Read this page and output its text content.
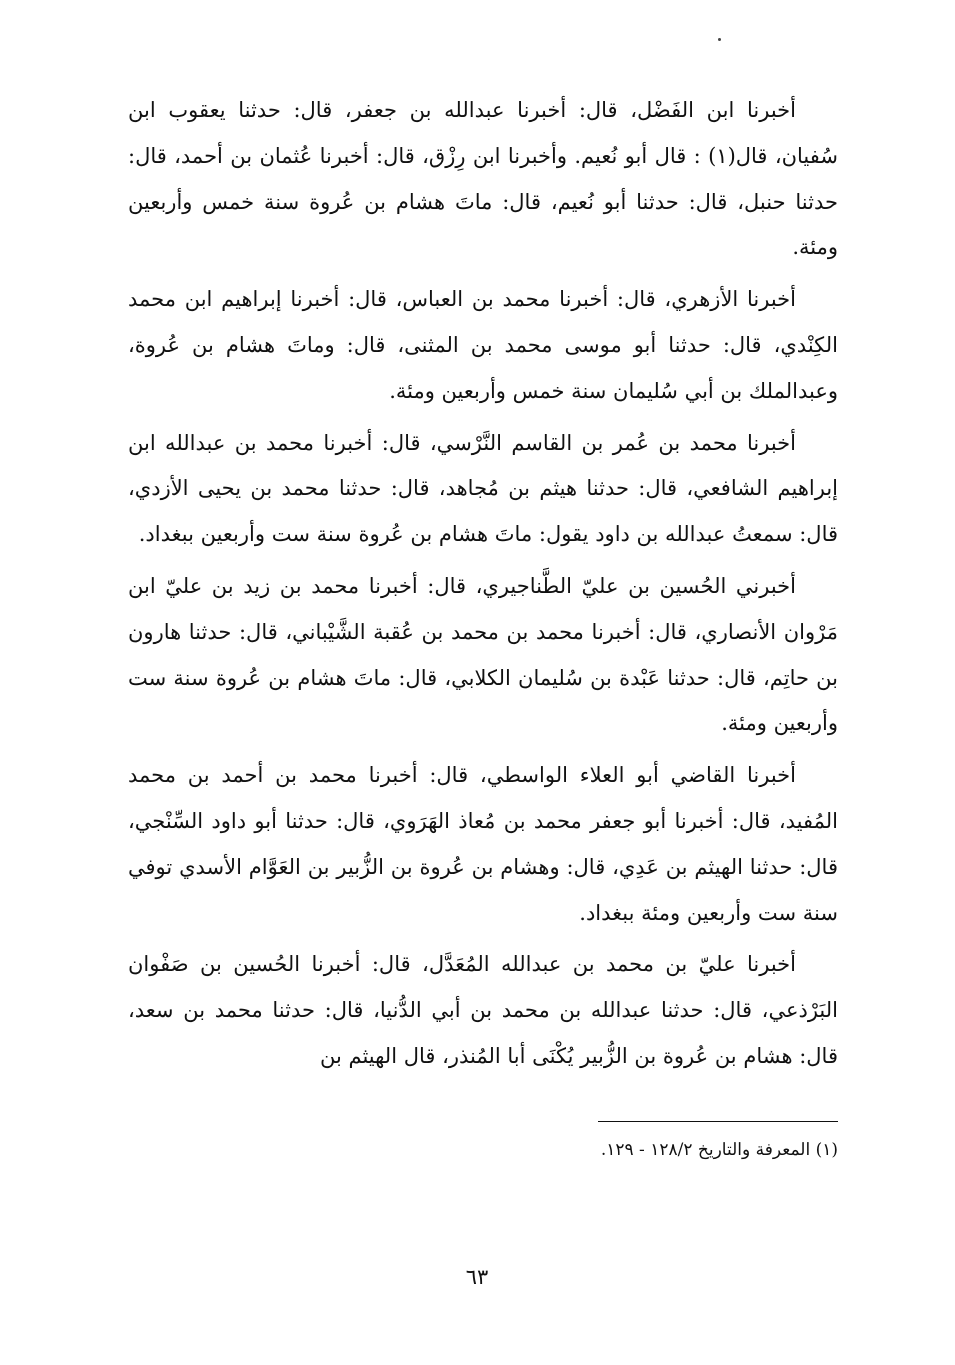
أخبرنا ابن الفَضْل، قال: أخبرنا عبدالله بن جعفر، قال: حدثنا يعقوب ابن سُفيان، قال(١) : قال أبو نُعيم. وأخبرنا ابن رِزْق، قال: أخبرنا عُثمان بن أحمد، قال: حدثنا حنبل، قال: حدثنا أبو نُعيم، قال: ماتَ هشام بن عُروة سنة خمس وأربعين ومئة.

أخبرنا الأزهري، قال: أخبرنا محمد بن العباس، قال: أخبرنا إبراهيم ابن محمد الكِنْدي، قال: حدثنا أبو موسى محمد بن المثنى، قال: وماتَ هشام بن عُروة، وعبدالملك بن أبي سُليمان سنة خمس وأربعين ومئة.

أخبرنا محمد بن عُمر بن القاسم النَّرْسي، قال: أخبرنا محمد بن عبدالله ابن إبراهيم الشافعي، قال: حدثنا هيثم بن مُجاهد، قال: حدثنا محمد بن يحيى الأزدي، قال: سمعتُ عبدالله بن داود يقول: ماتَ هشام بن عُروة سنة ست وأربعين ببغداد.

أخبرني الحُسين بن عليّ الطَّناجيري، قال: أخبرنا محمد بن زيد بن عليّ ابن مَرْوان الأنصاري، قال: أخبرنا محمد بن محمد بن عُقبة الشَّيْباني، قال: حدثنا هارون بن حاتِم، قال: حدثنا عَبْدة بن سُليمان الكلابي، قال: ماتَ هشام بن عُروة سنة ست وأربعين ومئة.

أخبرنا القاضي أبو العلاء الواسطي، قال: أخبرنا محمد بن أحمد بن محمد المُفيد، قال: أخبرنا أبو جعفر محمد بن مُعاذ الهَرَوي، قال: حدثنا أبو داود السِّنْجي، قال: حدثنا الهيثم بن عَدِي، قال: وهشام بن عُروة بن الزُّبير بن العَوَّام الأسدي توفي سنة ست وأربعين ومئة ببغداد.

أخبرنا عليّ بن محمد بن عبدالله المُعَدَّل، قال: أخبرنا الحُسين بن صَفْوان البَرْذعي، قال: حدثنا عبدالله بن محمد بن أبي الدُّنيا، قال: حدثنا محمد بن سعد، قال: هشام بن عُروة بن الزُّبير يُكْنَى أبا المُنذر، قال الهيثم بن

(١) المعرفة والتاريخ ١٢٨/٢ - ١٢٩.
٦٣
